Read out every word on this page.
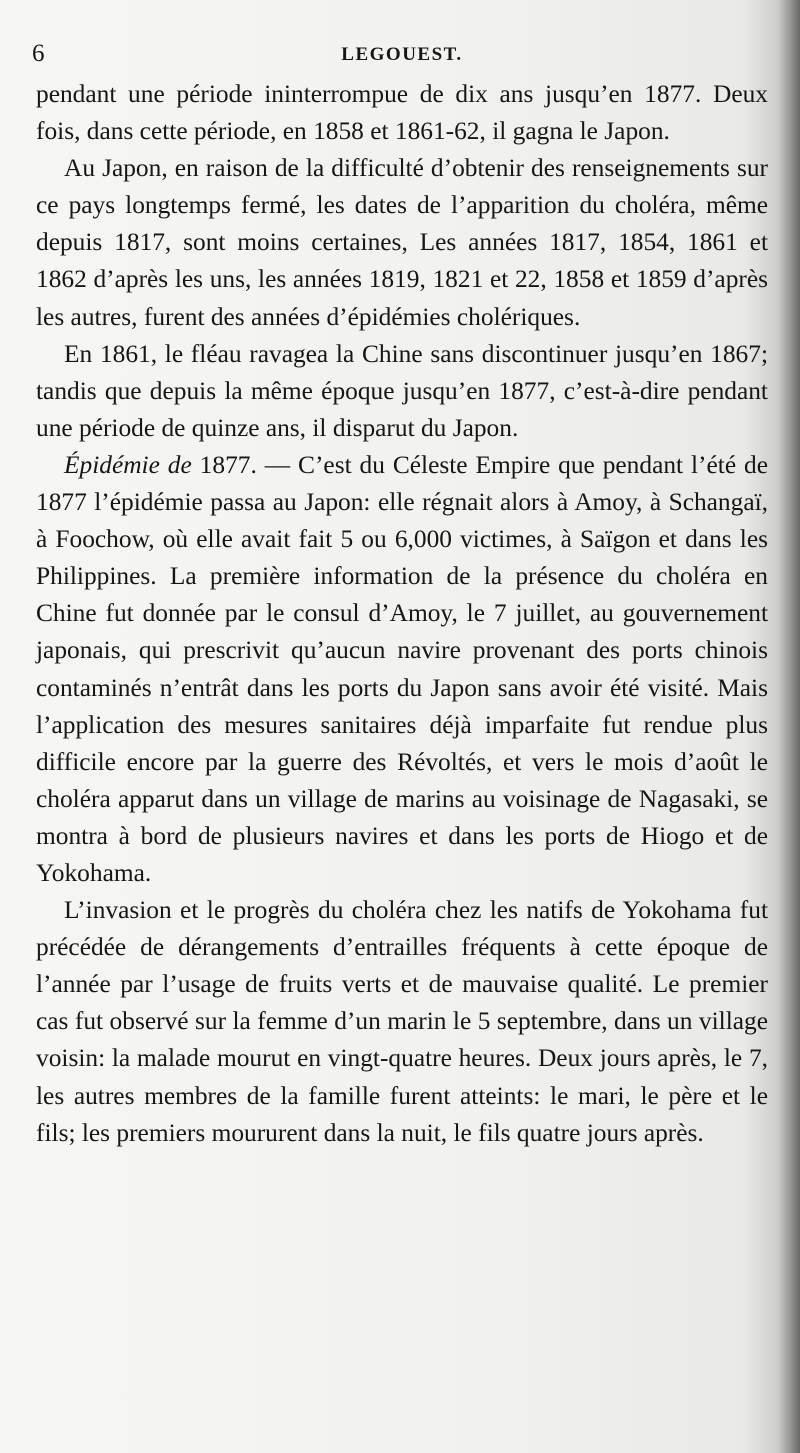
6	LEGOUEST.

pendant une période ininterrompue de dix ans jusqu’en 1877. Deux fois, dans cette période, en 1858 et 1861-62, il gagna le Japon.

Au Japon, en raison de la difficulté d’obtenir des renseignements sur ce pays longtemps fermé, les dates de l’apparition du choléra, même depuis 1817, sont moins certaines, Les années 1817, 1854, 1861 et 1862 d’après les uns, les années 1819, 1821 et 22, 1858 et 1859 d’après les autres, furent des années d’épidémies cholériques.

En 1861, le fléau ravagea la Chine sans discontinuer jusqu’en 1867; tandis que depuis la même époque jusqu’en 1877, c’est-à-dire pendant une période de quinze ans, il disparut du Japon.

Épidémie de 1877. — C’est du Céleste Empire que pendant l’été de 1877 l’épidémie passa au Japon: elle régnait alors à Amoy, à Schangaï, à Foochow, où elle avait fait 5 ou 6,000 victimes, à Saïgon et dans les Philippines. La première information de la présence du choléra en Chine fut donnée par le consul d’Amoy, le 7 juillet, au gouvernement japonais, qui prescrivit qu’aucun navire provenant des ports chinois contaminés n’entrât dans les ports du Japon sans avoir été visité. Mais l’application des mesures sanitaires déjà imparfaite fut rendue plus difficile encore par la guerre des Révoltés, et vers le mois d’août le choléra apparut dans un village de marins au voisinage de Nagasaki, se montra à bord de plusieurs navires et dans les ports de Hiogo et de Yokohama.

L’invasion et le progrès du choléra chez les natifs de Yokohama fut précédée de dérangements d’entrailles fréquents à cette époque de l’année par l’usage de fruits verts et de mauvaise qualité. Le premier cas fut observé sur la femme d’un marin le 5 septembre, dans un village voisin: la malade mourut en vingt-quatre heures. Deux jours après, le 7, les autres membres de la famille furent atteints: le mari, le père et le fils; les premiers moururent dans la nuit, le fils quatre jours après.
